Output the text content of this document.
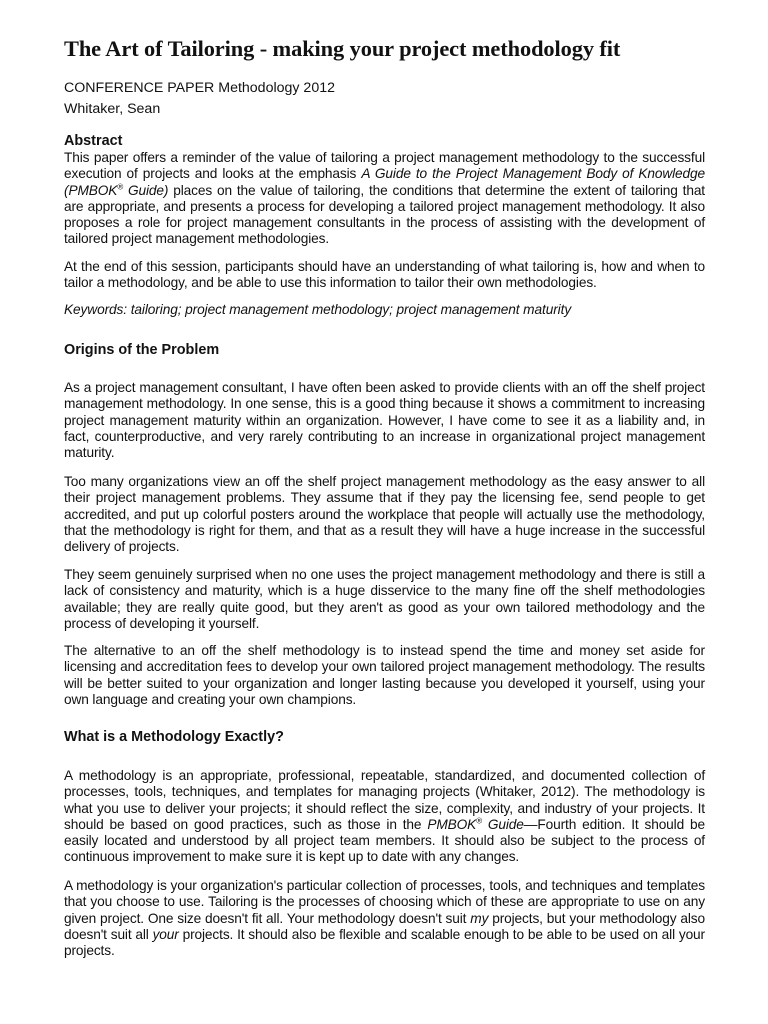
The Art of Tailoring - making your project methodology fit

CONFERENCE PAPER Methodology 2012

Whitaker, Sean

Abstract

This paper offers a reminder of the value of tailoring a project management methodology to the successful execution of projects and looks at the emphasis A Guide to the Project Management Body of Knowledge (PMBOK® Guide) places on the value of tailoring, the conditions that determine the extent of tailoring that are appropriate, and presents a process for developing a tailored project management methodology. It also proposes a role for project management consultants in the process of assisting with the development of tailored project management methodologies.

At the end of this session, participants should have an understanding of what tailoring is, how and when to tailor a methodology, and be able to use this information to tailor their own methodologies.

Keywords: tailoring; project management methodology; project management maturity

Origins of the Problem

As a project management consultant, I have often been asked to provide clients with an off the shelf project management methodology. In one sense, this is a good thing because it shows a commitment to increasing project management maturity within an organization. However, I have come to see it as a liability and, in fact, counterproductive, and very rarely contributing to an increase in organizational project management maturity.

Too many organizations view an off the shelf project management methodology as the easy answer to all their project management problems. They assume that if they pay the licensing fee, send people to get accredited, and put up colorful posters around the workplace that people will actually use the methodology, that the methodology is right for them, and that as a result they will have a huge increase in the successful delivery of projects.

They seem genuinely surprised when no one uses the project management methodology and there is still a lack of consistency and maturity, which is a huge disservice to the many fine off the shelf methodologies available; they are really quite good, but they aren't as good as your own tailored methodology and the process of developing it yourself.

The alternative to an off the shelf methodology is to instead spend the time and money set aside for licensing and accreditation fees to develop your own tailored project management methodology. The results will be better suited to your organization and longer lasting because you developed it yourself, using your own language and creating your own champions.

What is a Methodology Exactly?

A methodology is an appropriate, professional, repeatable, standardized, and documented collection of processes, tools, techniques, and templates for managing projects (Whitaker, 2012). The methodology is what you use to deliver your projects; it should reflect the size, complexity, and industry of your projects. It should be based on good practices, such as those in the PMBOK® Guide—Fourth edition. It should be easily located and understood by all project team members. It should also be subject to the process of continuous improvement to make sure it is kept up to date with any changes.

A methodology is your organization's particular collection of processes, tools, and techniques and templates that you choose to use. Tailoring is the processes of choosing which of these are appropriate to use on any given project. One size doesn't fit all. Your methodology doesn't suit my projects, but your methodology also doesn't suit all your projects. It should also be flexible and scalable enough to be able to be used on all your projects.
